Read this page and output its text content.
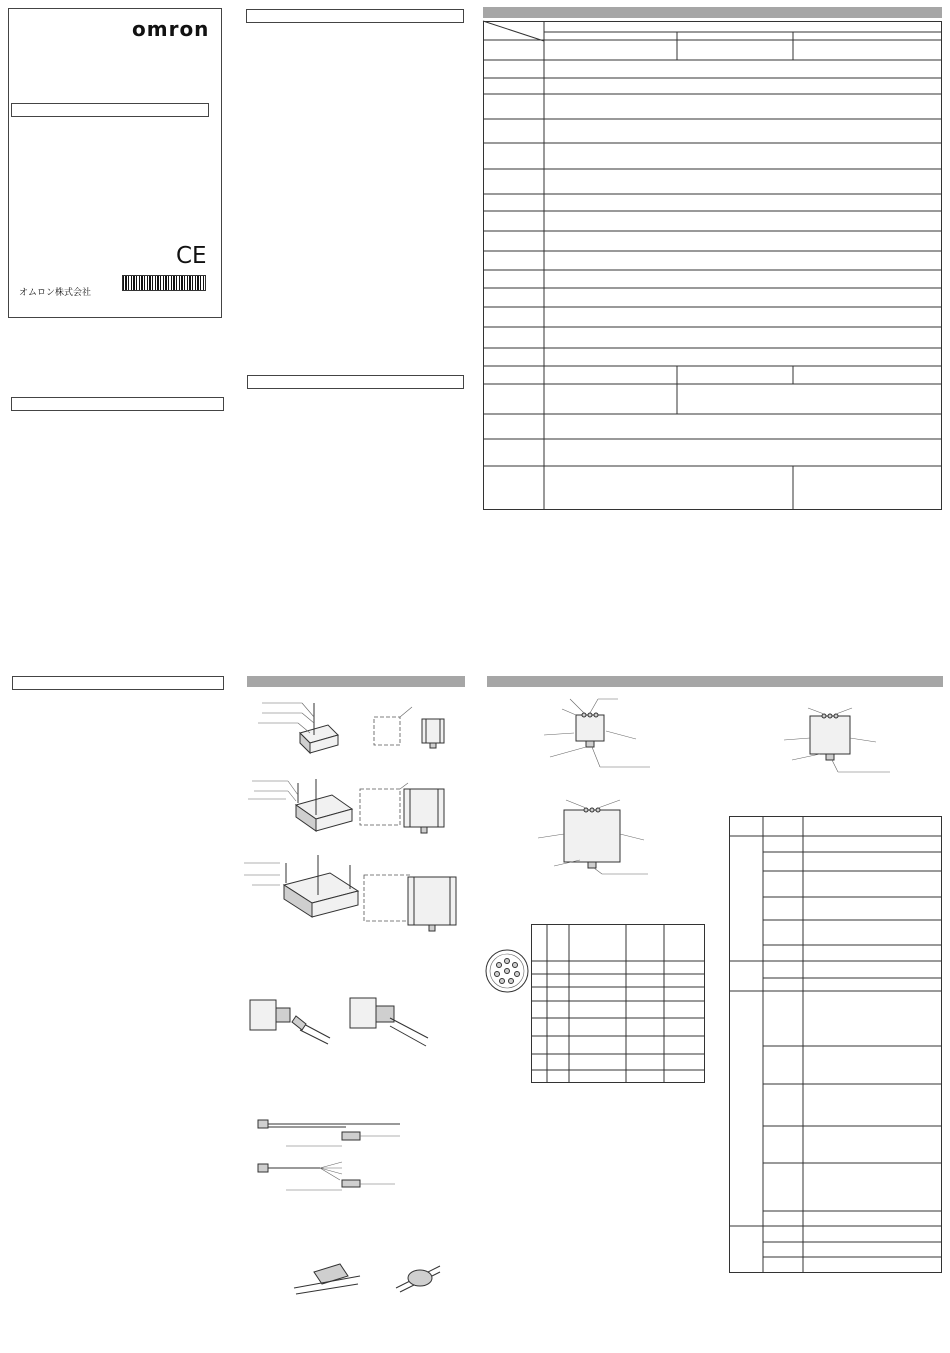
omron
CE
オムロン株式会社
